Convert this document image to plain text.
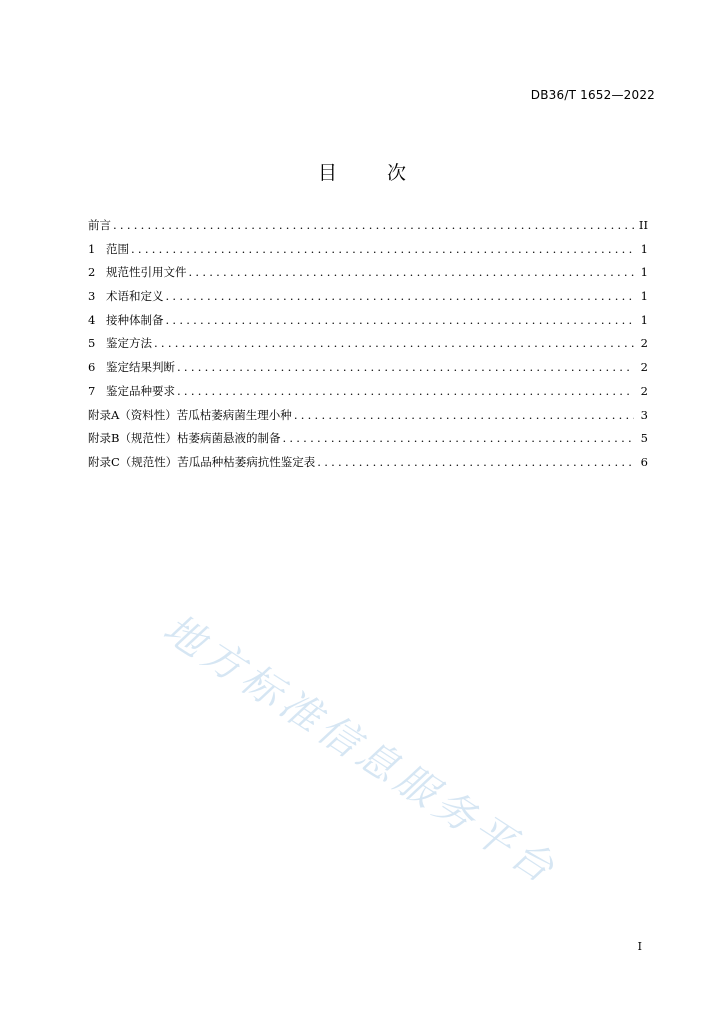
DB36/T 1652—2022
目 次
前言 . . .	II
1 范围 . . .	1
2 规范性引用文件 . . .	1
3 术语和定义 . . .	1
4 接种体制备 . . .	1
5 鉴定方法 . . .	2
6 鉴定结果判断 . . .	2
7 鉴定品种要求 . . .	2
附录A（资料性）苦瓜枯萎病菌生理小种 . . .	3
附录B（规范性）枯萎病菌悬液的制备 . . .	5
附录C（规范性）苦瓜品种枯萎病抗性鉴定表 . . .	6
地方标准信息服务平台
I
